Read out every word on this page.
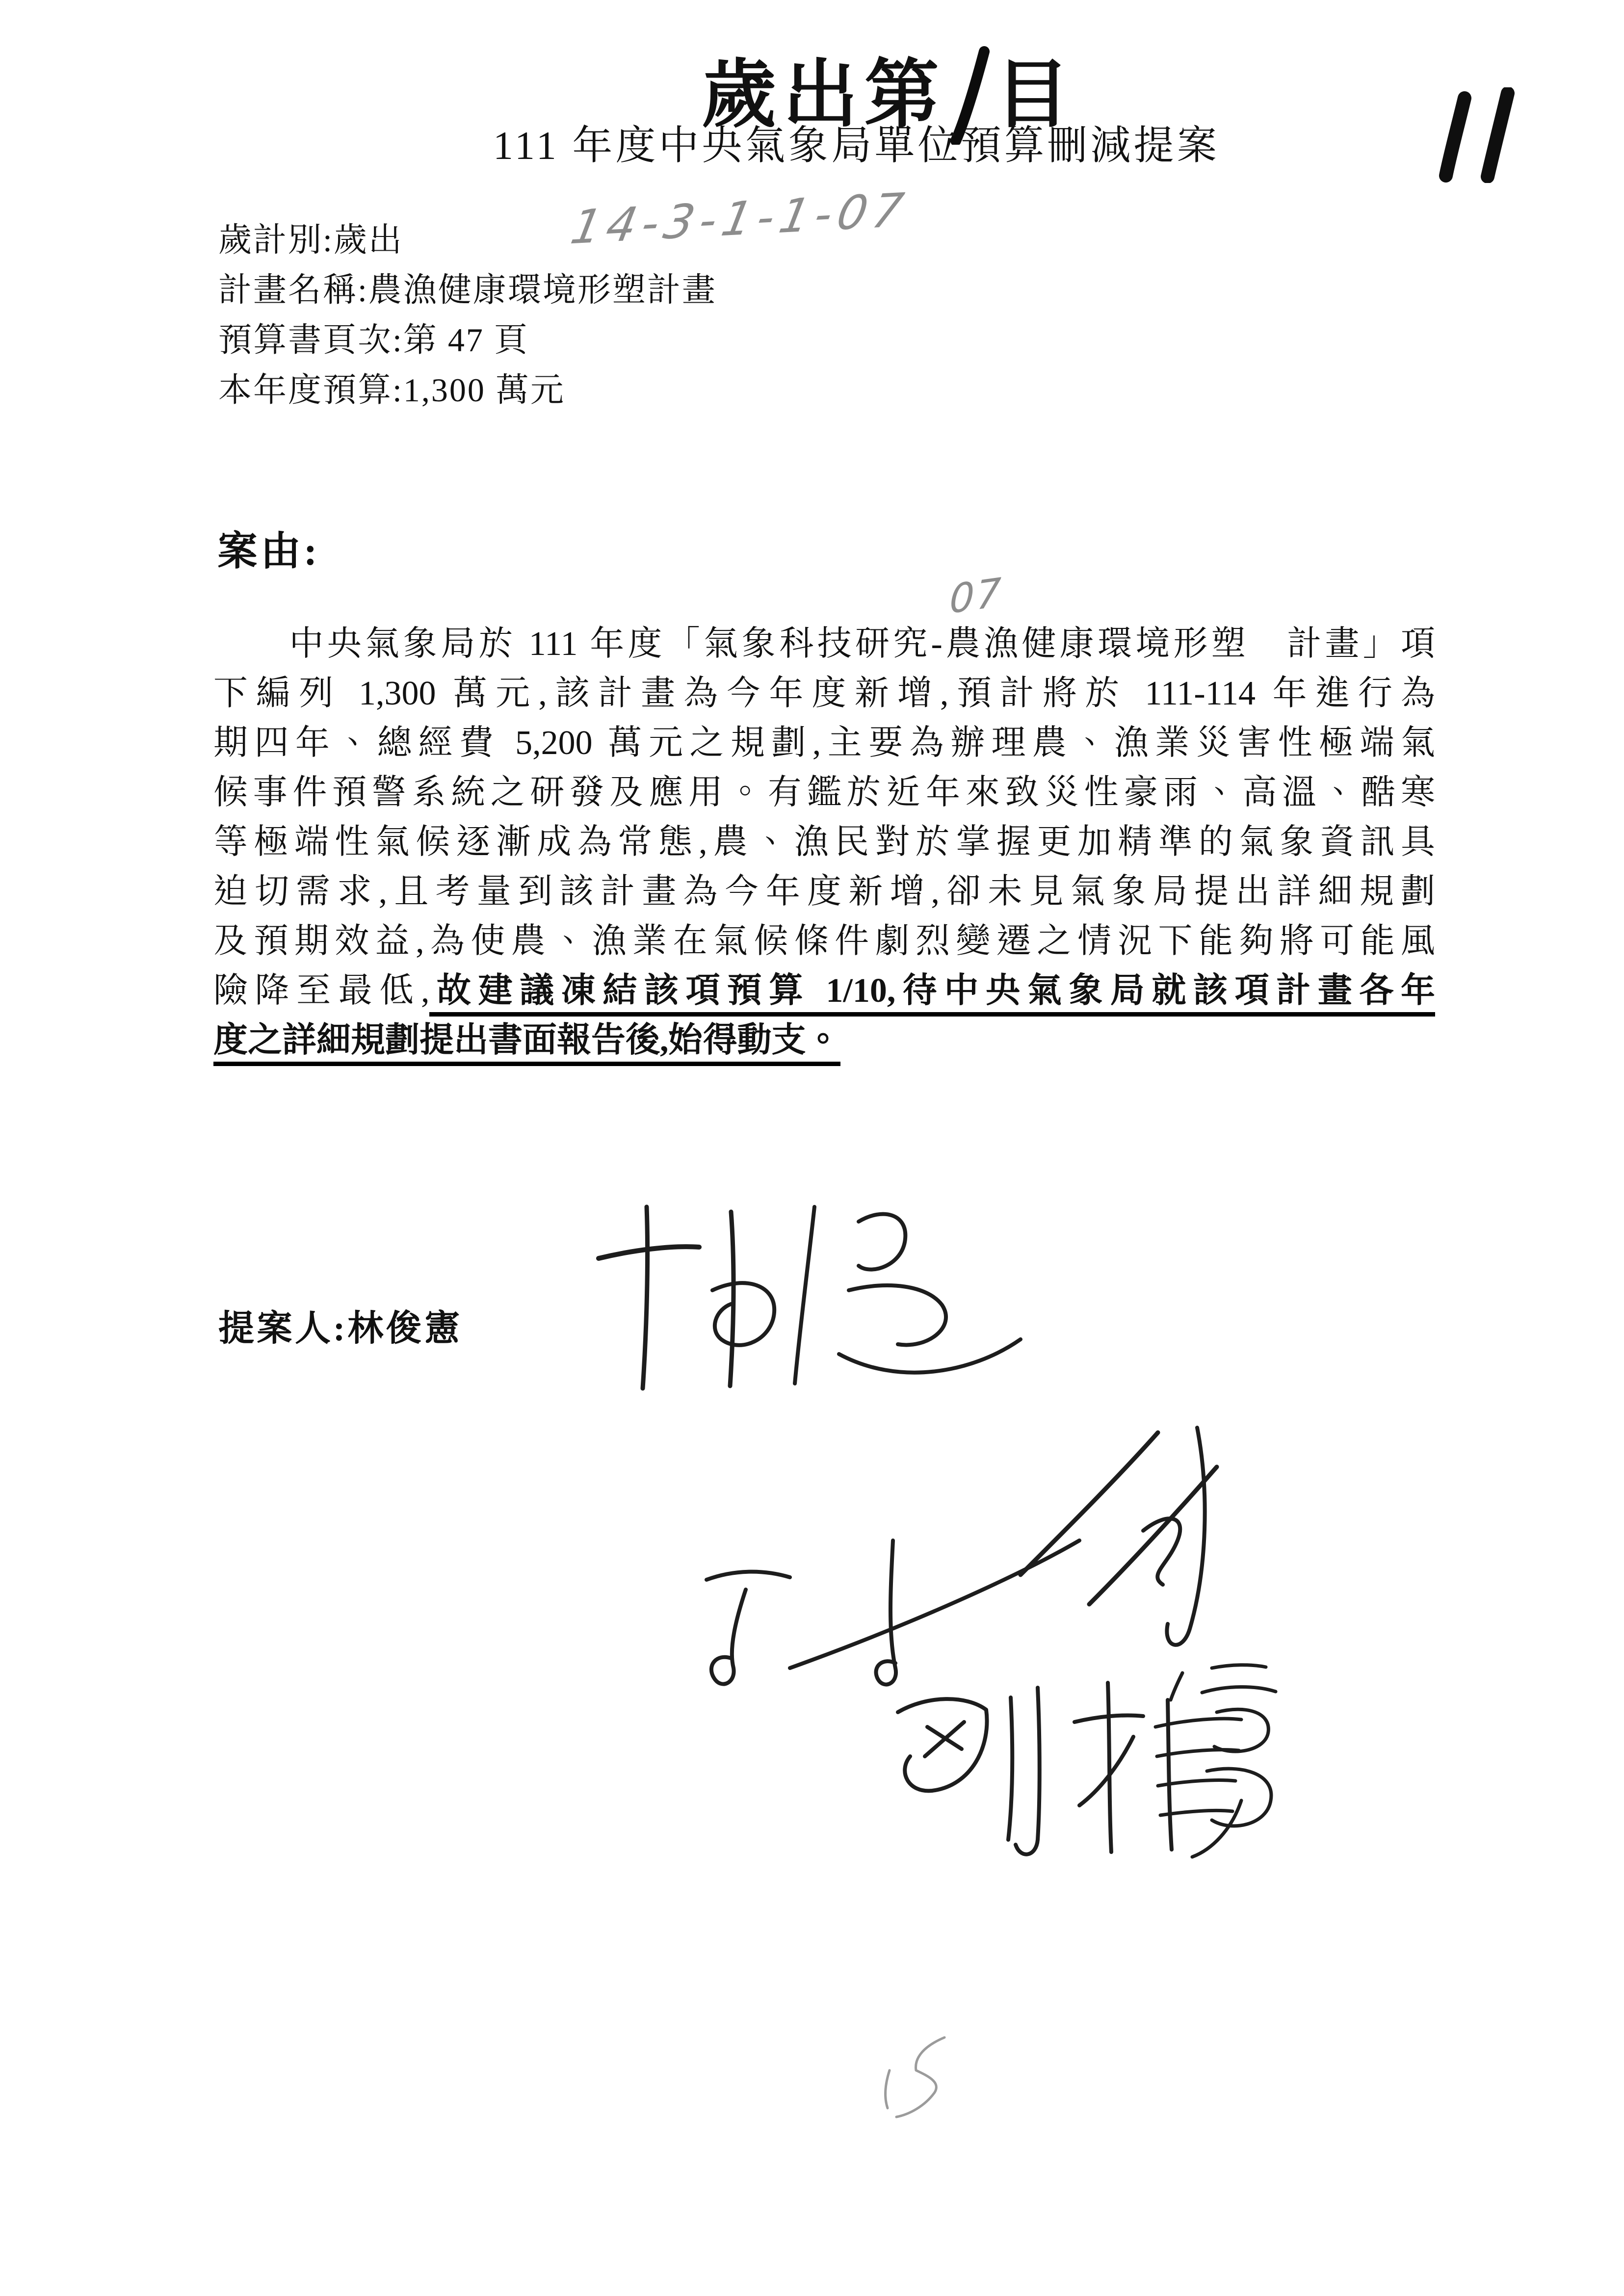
歲出第 目
111 年度中央氣象局單位預算刪減提案
14-3-1-1-07
歲計別:歲出
計畫名稱:農漁健康環境形塑計畫
預算書頁次:第 47 頁
本年度預算:1,300 萬元
案由:
07
　　中央氣象局於 111 年度「氣象科技研究-農漁健康環境形塑　計畫」項
下編列 1,300 萬元,該計畫為今年度新增,預計將於 111-114 年進行為
期四年、總經費 5,200 萬元之規劃,主要為辦理農、漁業災害性極端氣
候事件預警系統之研發及應用。有鑑於近年來致災性豪雨、高溫、酷寒
等極端性氣候逐漸成為常態,農、漁民對於掌握更加精準的氣象資訊具
迫切需求,且考量到該計畫為今年度新增,卻未見氣象局提出詳細規劃
及預期效益,為使農、漁業在氣候條件劇烈變遷之情況下能夠將可能風
險降至最低,故建議凍結該項預算 1/10,待中央氣象局就該項計畫各年
度之詳細規劃提出書面報告後,始得動支。
提案人:林俊憲
